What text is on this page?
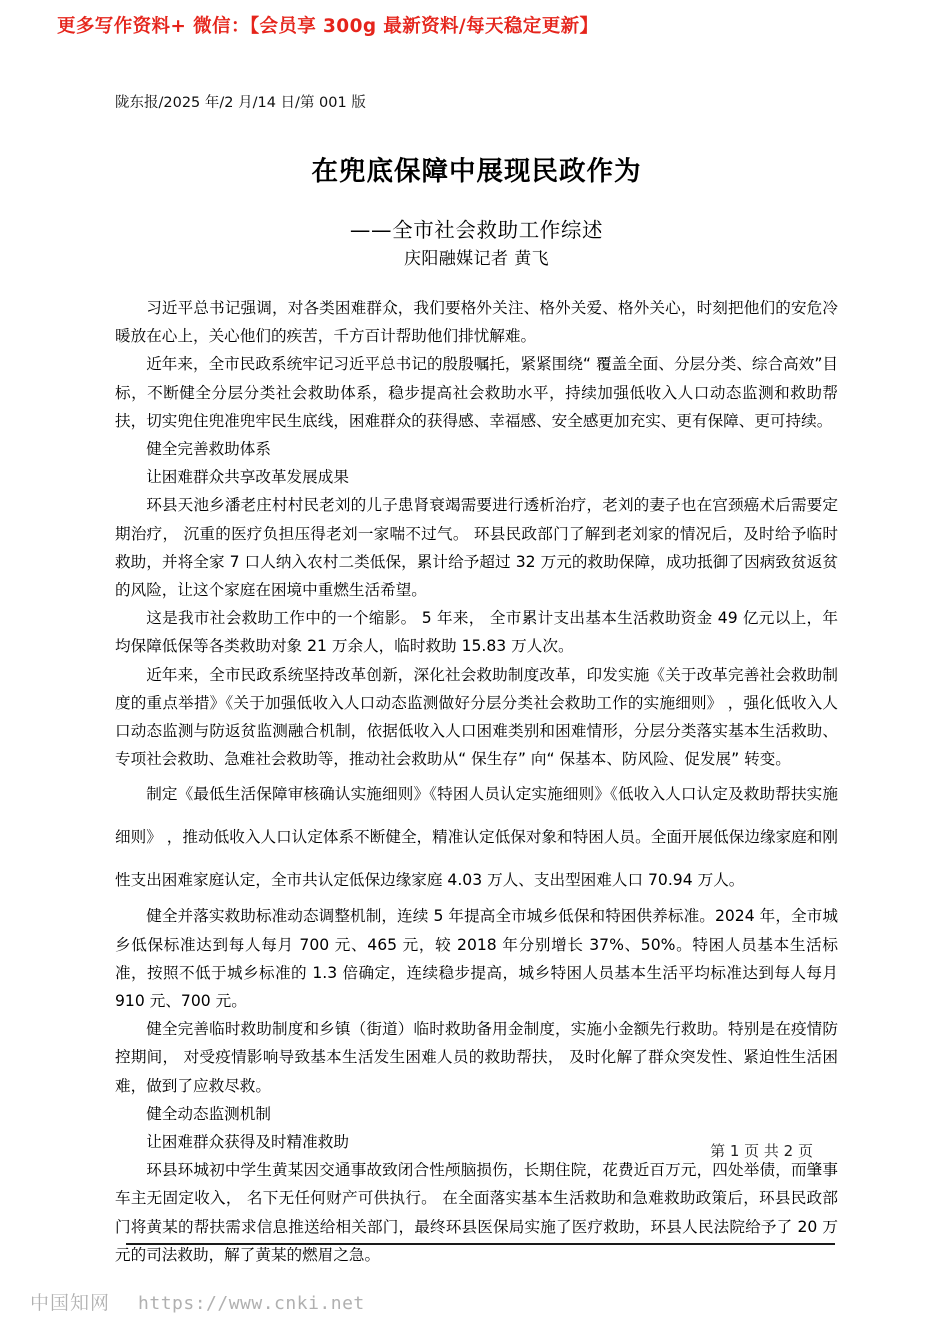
更多写作资料+ 微信：【会员享 300g 最新资料/每天稳定更新】
陇东报/2025 年/2 月/14 日/第 001 版
在兜底保障中展现民政作为
——全市社会救助工作综述
庆阳融媒记者 黄飞

习近平总书记强调，对各类困难群众，我们要格外关注、格外关爱、格外关心，时刻把他们的安危冷暖放在心上，关心他们的疾苦，千方百计帮助他们排忧解难。

近年来，全市民政系统牢记习近平总书记的殷殷嘱托，紧紧围绕“ 覆盖全面、分层分类、综合高效”目标，不断健全分层分类社会救助体系，稳步提高社会救助水平，持续加强低收入人口动态监测和救助帮扶，切实兜住兜准兜牢民生底线，困难群众的获得感、幸福感、安全感更加充实、更有保障、更可持续。

健全完善救助体系

让困难群众共享改革发展成果

环县天池乡潘老庄村村民老刘的儿子患肾衰竭需要进行透析治疗，老刘的妻子也在宫颈癌术后需要定期治疗， 沉重的医疗负担压得老刘一家喘不过气。 环县民政部门了解到老刘家的情况后，及时给予临时救助，并将全家 7 口人纳入农村二类低保，累计给予超过 32 万元的救助保障，成功抵御了因病致贫返贫的风险，让这个家庭在困境中重燃生活希望。

这是我市社会救助工作中的一个缩影。 5 年来， 全市累计支出基本生活救助资金 49 亿元以上，年均保障低保等各类救助对象 21 万余人，临时救助 15.83 万人次。

近年来，全市民政系统坚持改革创新，深化社会救助制度改革，印发实施《关于改革完善社会救助制度的重点举措》《关于加强低收入人口动态监测做好分层分类社会救助工作的实施细则》 ，强化低收入人口动态监测与防返贫监测融合机制，依据低收入人口困难类别和困难情形，分层分类落实基本生活救助、专项社会救助、急难社会救助等，推动社会救助从“ 保生存” 向“ 保基本、防风险、促发展” 转变。

制定《最低生活保障审核确认实施细则》《特困人员认定实施细则》《低收入人口认定及救助帮扶实施细则》 ，推动低收入人口认定体系不断健全，精准认定低保对象和特困人员。全面开展低保边缘家庭和刚性支出困难家庭认定，全市共认定低保边缘家庭 4.03 万人、支出型困难人口 70.94 万人。

健全并落实救助标准动态调整机制，连续 5 年提高全市城乡低保和特困供养标准。2024 年，全市城乡低保标准达到每人每月 700 元、465 元，较 2018 年分别增长 37%、50%。特困人员基本生活标准，按照不低于城乡标准的 1.3 倍确定，连续稳步提高，城乡特困人员基本生活平均标准达到每人每月 910 元、700 元。

健全完善临时救助制度和乡镇（街道）临时救助备用金制度，实施小金额先行救助。特别是在疫情防控期间， 对受疫情影响导致基本生活发生困难人员的救助帮扶， 及时化解了群众突发性、紧迫性生活困难，做到了应救尽救。

健全动态监测机制

让困难群众获得及时精准救助

环县环城初中学生黄某因交通事故致闭合性颅脑损伤，长期住院，花费近百万元，四处举债，而肇事车主无固定收入， 名下无任何财产可供执行。 在全面落实基本生活救助和急难救助政策后，环县民政部门将黄某的帮扶需求信息推送给相关部门，最终环县医保局实施了医疗救助，环县人民法院给予了 20 万元的司法救助，解了黄某的燃眉之急。

第 1 页 共 2 页
中国知网 https://www.cnki.net
